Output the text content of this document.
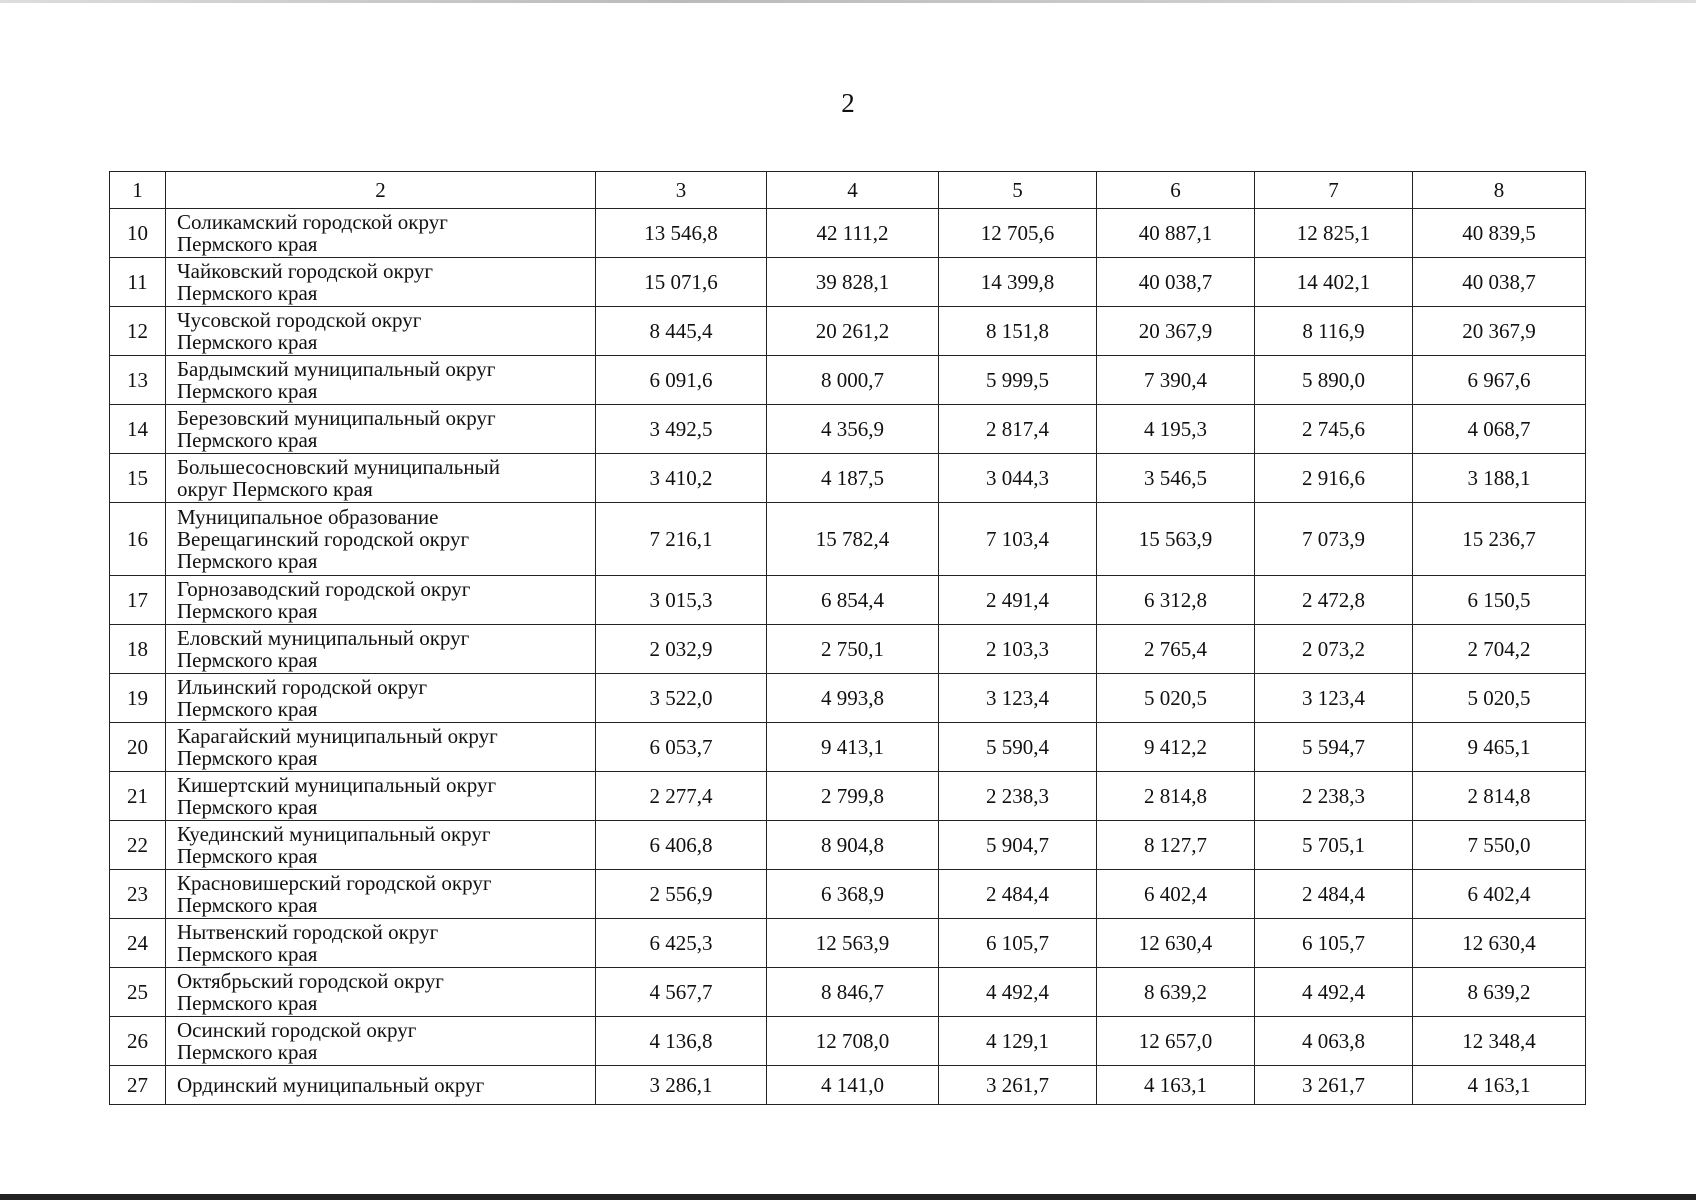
2
1	2	3	4	5	6	7	8
10	Соликамский городской округ
Пермского края	13 546,8	42 111,2	12 705,6	40 887,1	12 825,1	40 839,5
11	Чайковский городской округ
Пермского края	15 071,6	39 828,1	14 399,8	40 038,7	14 402,1	40 038,7
12	Чусовской городской округ
Пермского края	8 445,4	20 261,2	8 151,8	20 367,9	8 116,9	20 367,9
13	Бардымский муниципальный округ
Пермского края	6 091,6	8 000,7	5 999,5	7 390,4	5 890,0	6 967,6
14	Березовский муниципальный округ
Пермского края	3 492,5	4 356,9	2 817,4	4 195,3	2 745,6	4 068,7
15	Большесосновский муниципальный
округ Пермского края	3 410,2	4 187,5	3 044,3	3 546,5	2 916,6	3 188,1
16	Муниципальное образование
Верещагинский городской округ
Пермского края	7 216,1	15 782,4	7 103,4	15 563,9	7 073,9	15 236,7
17	Горнозаводский городской округ
Пермского края	3 015,3	6 854,4	2 491,4	6 312,8	2 472,8	6 150,5
18	Еловский муниципальный округ
Пермского края	2 032,9	2 750,1	2 103,3	2 765,4	2 073,2	2 704,2
19	Ильинский городской округ
Пермского края	3 522,0	4 993,8	3 123,4	5 020,5	3 123,4	5 020,5
20	Карагайский муниципальный округ
Пермского края	6 053,7	9 413,1	5 590,4	9 412,2	5 594,7	9 465,1
21	Кишертский муниципальный округ
Пермского края	2 277,4	2 799,8	2 238,3	2 814,8	2 238,3	2 814,8
22	Куединский муниципальный округ
Пермского края	6 406,8	8 904,8	5 904,7	8 127,7	5 705,1	7 550,0
23	Красновишерский городской округ
Пермского края	2 556,9	6 368,9	2 484,4	6 402,4	2 484,4	6 402,4
24	Нытвенский городской округ
Пермского края	6 425,3	12 563,9	6 105,7	12 630,4	6 105,7	12 630,4
25	Октябрьский городской округ
Пермского края	4 567,7	8 846,7	4 492,4	8 639,2	4 492,4	8 639,2
26	Осинский городской округ
Пермского края	4 136,8	12 708,0	4 129,1	12 657,0	4 063,8	12 348,4
27	Ординский муниципальный округ	3 286,1	4 141,0	3 261,7	4 163,1	3 261,7	4 163,1
